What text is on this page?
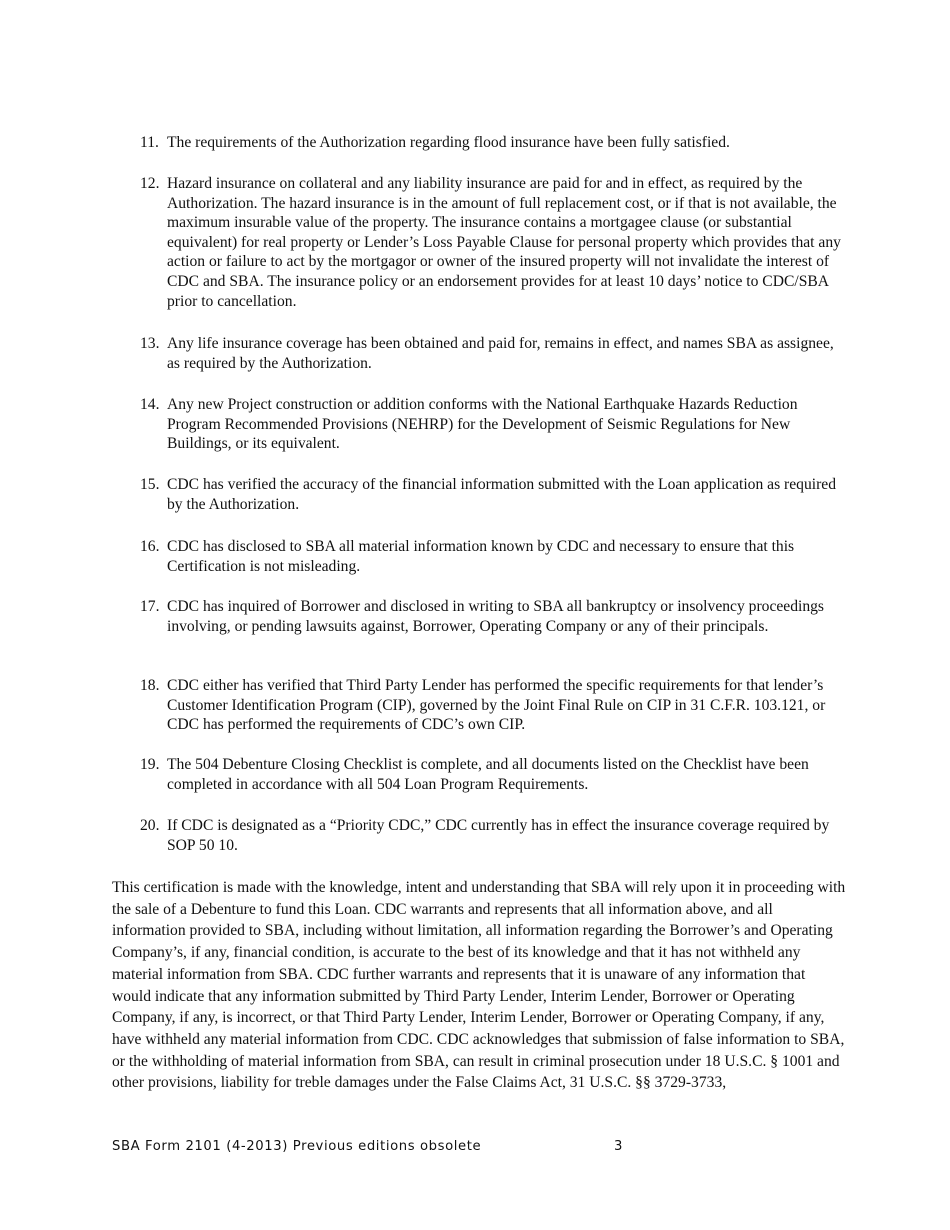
11. The requirements of the Authorization regarding flood insurance have been fully satisfied.
12. Hazard insurance on collateral and any liability insurance are paid for and in effect, as required by the Authorization. The hazard insurance is in the amount of full replacement cost, or if that is not available, the maximum insurable value of the property. The insurance contains a mortgagee clause (or substantial equivalent) for real property or Lender’s Loss Payable Clause for personal property which provides that any action or failure to act by the mortgagor or owner of the insured property will not invalidate the interest of CDC and SBA. The insurance policy or an endorsement provides for at least 10 days’ notice to CDC/SBA prior to cancellation.
13. Any life insurance coverage has been obtained and paid for, remains in effect, and names SBA as assignee, as required by the Authorization.
14. Any new Project construction or addition conforms with the National Earthquake Hazards Reduction Program Recommended Provisions (NEHRP) for the Development of Seismic Regulations for New Buildings, or its equivalent.
15. CDC has verified the accuracy of the financial information submitted with the Loan application as required by the Authorization.
16. CDC has disclosed to SBA all material information known by CDC and necessary to ensure that this Certification is not misleading.
17. CDC has inquired of Borrower and disclosed in writing to SBA all bankruptcy or insolvency proceedings involving, or pending lawsuits against, Borrower, Operating Company or any of their principals.
18. CDC either has verified that Third Party Lender has performed the specific requirements for that lender’s Customer Identification Program (CIP), governed by the Joint Final Rule on CIP in 31 C.F.R. 103.121, or CDC has performed the requirements of CDC’s own CIP.
19. The 504 Debenture Closing Checklist is complete, and all documents listed on the Checklist have been completed in accordance with all 504 Loan Program Requirements.
20. If CDC is designated as a “Priority CDC,” CDC currently has in effect the insurance coverage required by SOP 50 10.
This certification is made with the knowledge, intent and understanding that SBA will rely upon it in proceeding with the sale of a Debenture to fund this Loan. CDC warrants and represents that all information above, and all information provided to SBA, including without limitation, all information regarding the Borrower’s and Operating Company’s, if any, financial condition, is accurate to the best of its knowledge and that it has not withheld any material information from SBA. CDC further warrants and represents that it is unaware of any information that would indicate that any information submitted by Third Party Lender, Interim Lender, Borrower or Operating Company, if any, is incorrect, or that Third Party Lender, Interim Lender, Borrower or Operating Company, if any, have withheld any material information from CDC. CDC acknowledges that submission of false information to SBA, or the withholding of material information from SBA, can result in criminal prosecution under 18 U.S.C. § 1001 and other provisions, liability for treble damages under the False Claims Act, 31 U.S.C. §§ 3729-3733,
SBA Form 2101 (4-2013) Previous editions obsolete	3
